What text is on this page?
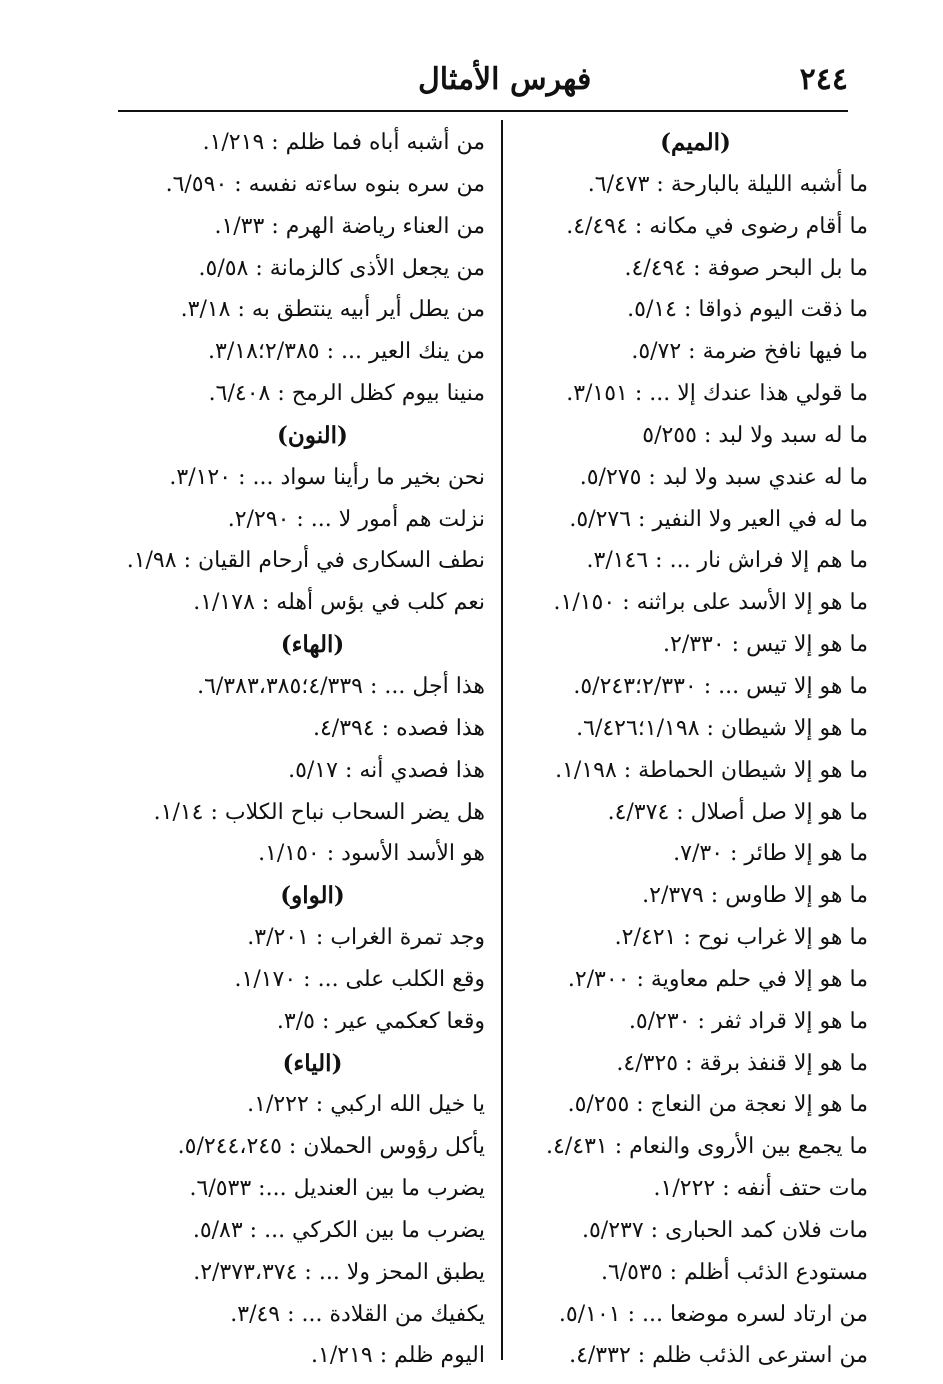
٢٤٤
فهرس الأمثال
(الميم)
ما أشبه الليلة بالبارحة : ٦/٤٧٣.
ما أقام رضوى في مكانه : ٤/٤٩٤.
ما بل البحر صوفة : ٤/٤٩٤.
ما ذقت اليوم ذواقا : ٥/١٤.
ما فيها نافخ ضرمة : ٥/٧٢.
ما قولي هذا عندك إلا ... : ٣/١٥١.
ما له سبد ولا لبد : ٥/٢٥٥
ما له عندي سبد ولا لبد : ٥/٢٧٥.
ما له في العير ولا النفير : ٥/٢٧٦.
ما هم إلا فراش نار ... : ٣/١٤٦.
ما هو إلا الأسد على براثنه : ١/١٥٠.
ما هو إلا تيس : ٢/٣٣٠.
ما هو إلا تيس ... : ٢/٣٣٠؛٥/٢٤٣.
ما هو إلا شيطان : ١/١٩٨؛٦/٤٢٦.
ما هو إلا شيطان الحماطة : ١/١٩٨.
ما هو إلا صل أصلال : ٤/٣٧٤.
ما هو إلا طائر : ٧/٣٠.
ما هو إلا طاوس : ٢/٣٧٩.
ما هو إلا غراب نوح : ٢/٤٢١.
ما هو إلا في حلم معاوية : ٢/٣٠٠.
ما هو إلا قراد ثفر : ٥/٢٣٠.
ما هو إلا قنفذ برقة : ٤/٣٢٥.
ما هو إلا نعجة من النعاج : ٥/٢٥٥.
ما يجمع بين الأروى والنعام : ٤/٤٣١.
مات حتف أنفه : ١/٢٢٢.
مات فلان كمد الحبارى : ٥/٢٣٧.
مستودع الذئب أظلم : ٦/٥٣٥.
من ارتاد لسره موضعا ... : ٥/١٠١.
من استرعى الذئب ظلم : ٤/٣٣٢.
من أشبه أباه فما ظلم : ١/٢١٩.
من سره بنوه ساءته نفسه : ٦/٥٩٠.
من العناء رياضة الهرم : ١/٣٣.
من يجعل الأذى كالزمانة : ٥/٥٨.
من يطل أير أبيه ينتطق به : ٣/١٨.
من ينك العير ... : ٢/٣٨٥؛٣/١٨.
منينا بيوم كظل الرمح : ٦/٤٠٨.
(النون)
نحن بخير ما رأينا سواد ... : ٣/١٢٠.
نزلت هم أمور لا ... : ٢/٢٩٠.
نطف السكارى في أرحام القيان : ١/٩٨.
نعم كلب في بؤس أهله : ١/١٧٨.
(الهاء)
هذا أجل ... : ٤/٣٣٩؛٦/٣٨٣،٣٨٥.
هذا فصده : ٤/٣٩٤.
هذا فصدي أنه : ٥/١٧.
هل يضر السحاب نباح الكلاب : ١/١٤.
هو الأسد الأسود : ١/١٥٠.
(الواو)
وجد تمرة الغراب : ٣/٢٠١.
وقع الكلب على ... : ١/١٧٠.
وقعا كعكمي عير : ٣/٥.
(الياء)
يا خيل الله اركبي : ١/٢٢٢.
يأكل رؤوس الحملان : ٥/٢٤٤،٢٤٥.
يضرب ما بين العنديل ...: ٦/٥٣٣.
يضرب ما بين الكركي ... : ٥/٨٣.
يطبق المحز ولا ... : ٢/٣٧٣،٣٧٤.
يكفيك من القلادة ... : ٣/٤٩.
اليوم ظلم : ١/٢١٩.
